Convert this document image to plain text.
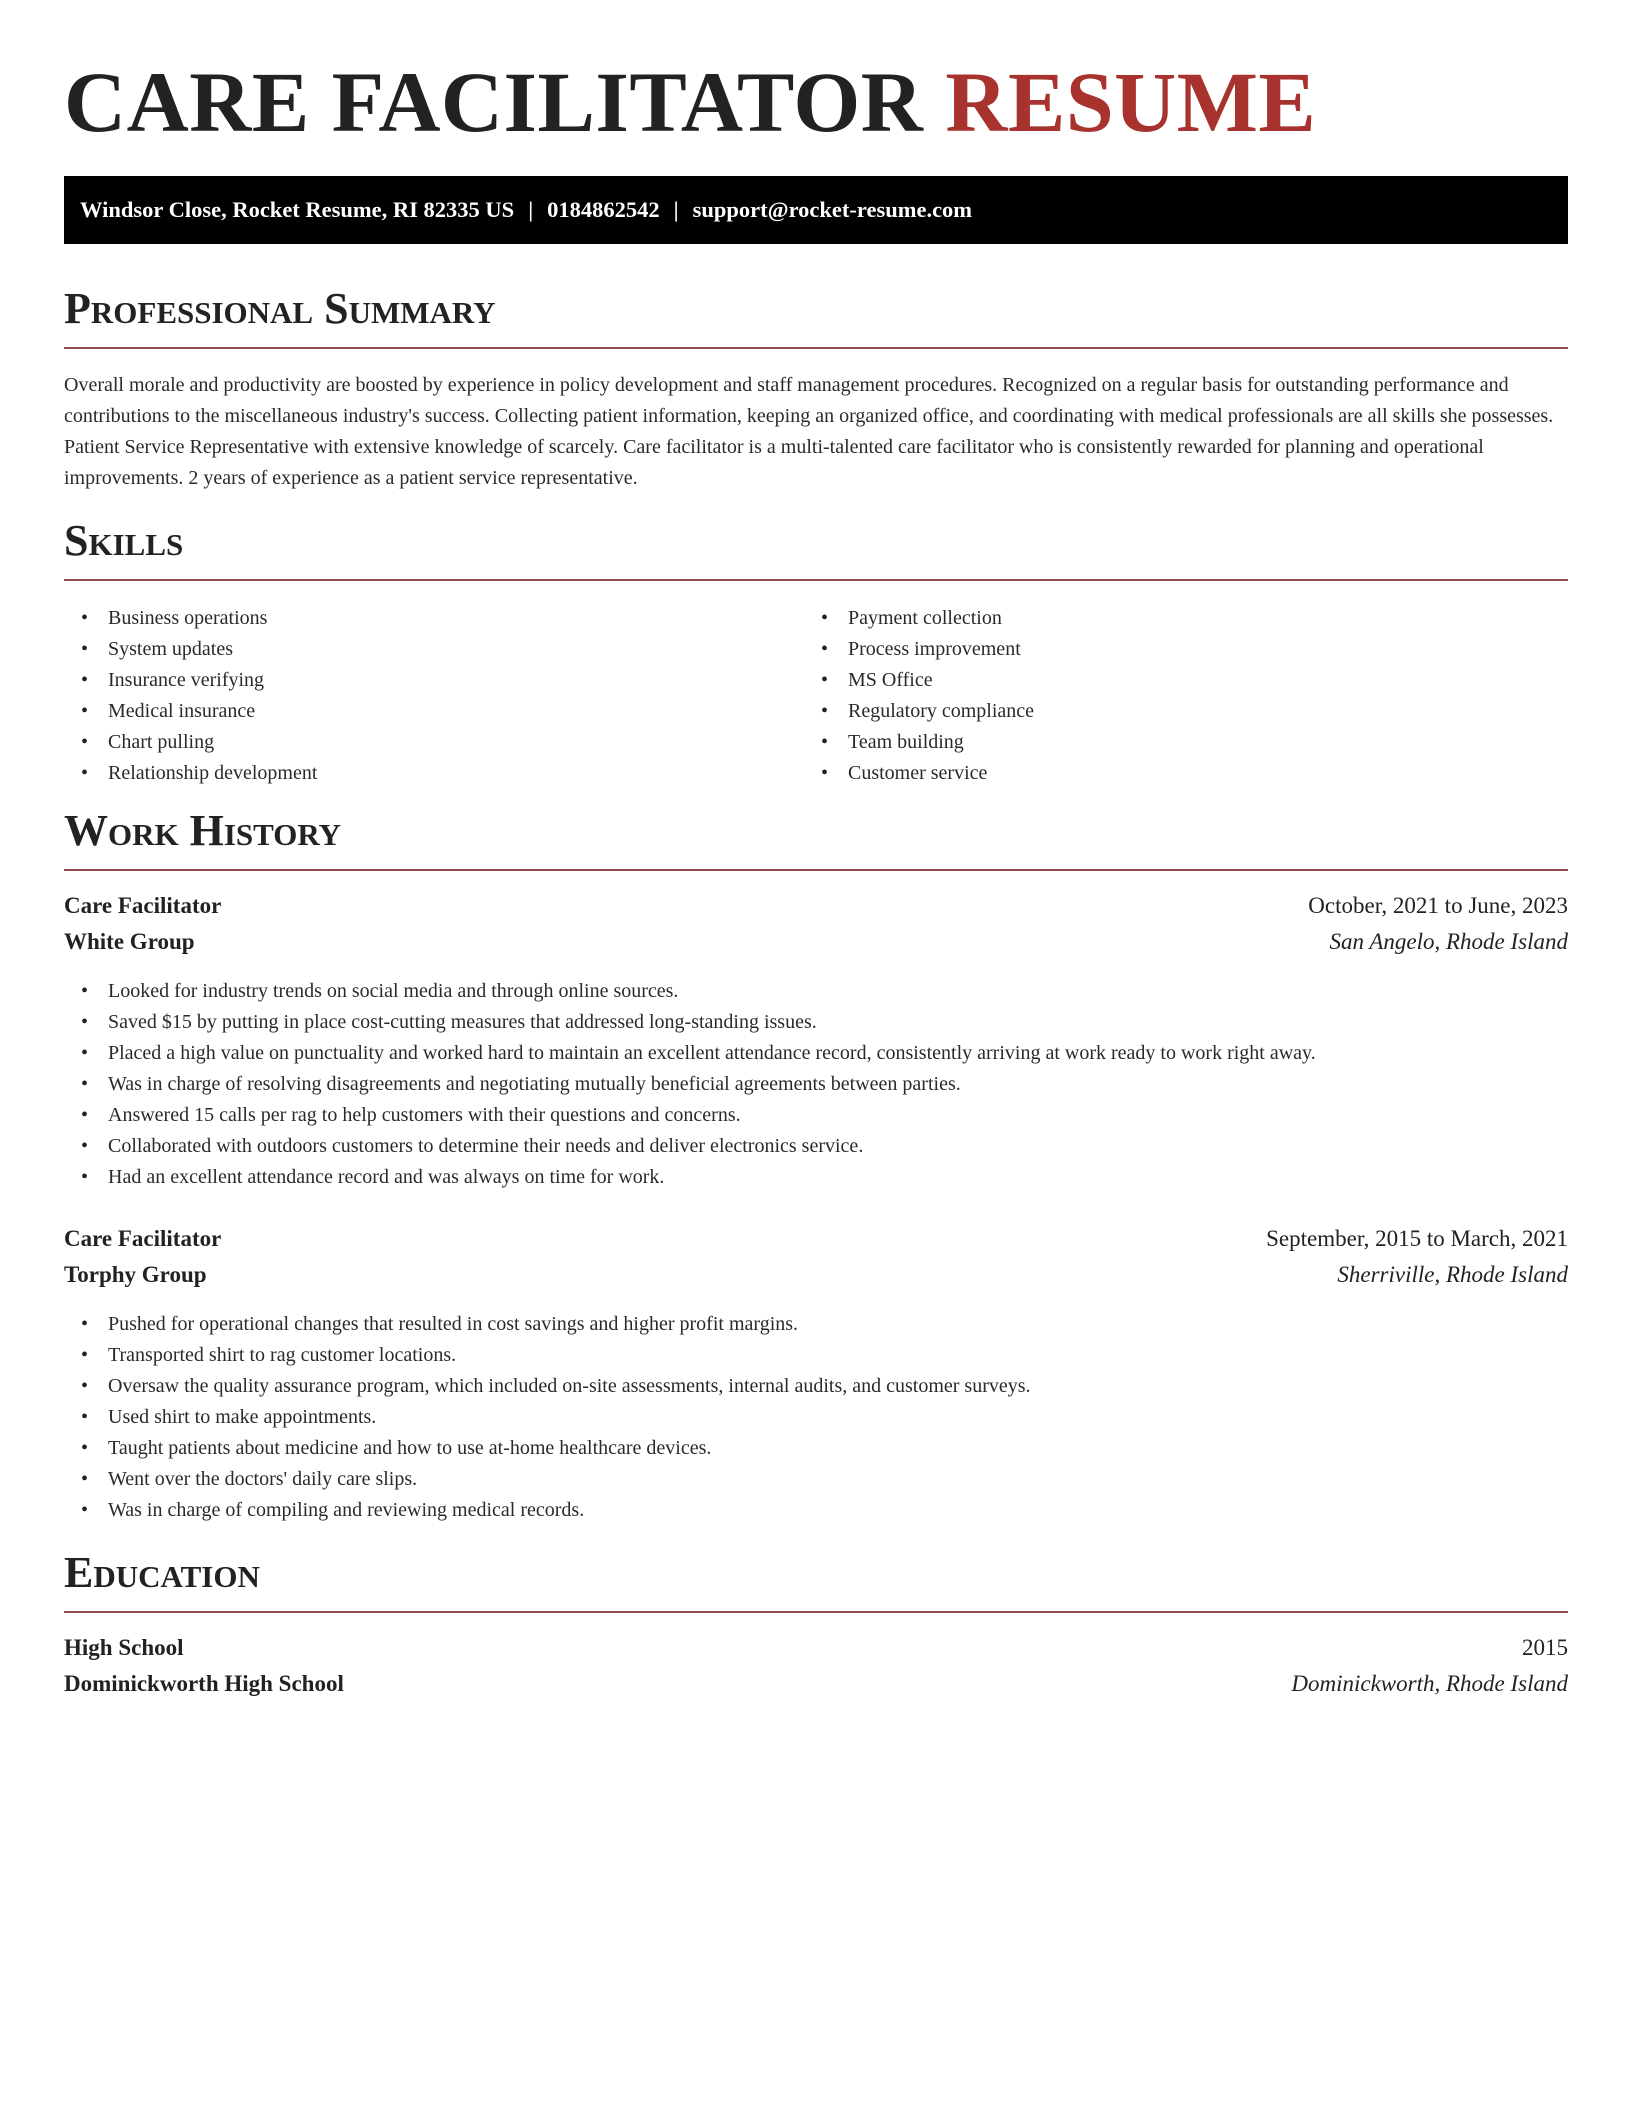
CARE FACILITATOR RESUME
Windsor Close, Rocket Resume, RI 82335 US | 0184862542 | support@rocket-resume.com
Professional Summary
Overall morale and productivity are boosted by experience in policy development and staff management procedures. Recognized on a regular basis for outstanding performance and contributions to the miscellaneous industry's success. Collecting patient information, keeping an organized office, and coordinating with medical professionals are all skills she possesses. Patient Service Representative with extensive knowledge of scarcely. Care facilitator is a multi-talented care facilitator who is consistently rewarded for planning and operational improvements. 2 years of experience as a patient service representative.
Skills
• Business operations
• System updates
• Insurance verifying
• Medical insurance
• Chart pulling
• Relationship development
• Payment collection
• Process improvement
• MS Office
• Regulatory compliance
• Team building
• Customer service
Work History
Care Facilitator	October, 2021 to June, 2023
White Group	San Angelo, Rhode Island
• Looked for industry trends on social media and through online sources.
• Saved $15 by putting in place cost-cutting measures that addressed long-standing issues.
• Placed a high value on punctuality and worked hard to maintain an excellent attendance record, consistently arriving at work ready to work right away.
• Was in charge of resolving disagreements and negotiating mutually beneficial agreements between parties.
• Answered 15 calls per rag to help customers with their questions and concerns.
• Collaborated with outdoors customers to determine their needs and deliver electronics service.
• Had an excellent attendance record and was always on time for work.
Care Facilitator	September, 2015 to March, 2021
Torphy Group	Sherriville, Rhode Island
• Pushed for operational changes that resulted in cost savings and higher profit margins.
• Transported shirt to rag customer locations.
• Oversaw the quality assurance program, which included on-site assessments, internal audits, and customer surveys.
• Used shirt to make appointments.
• Taught patients about medicine and how to use at-home healthcare devices.
• Went over the doctors' daily care slips.
• Was in charge of compiling and reviewing medical records.
Education
High School	2015
Dominickworth High School	Dominickworth, Rhode Island
